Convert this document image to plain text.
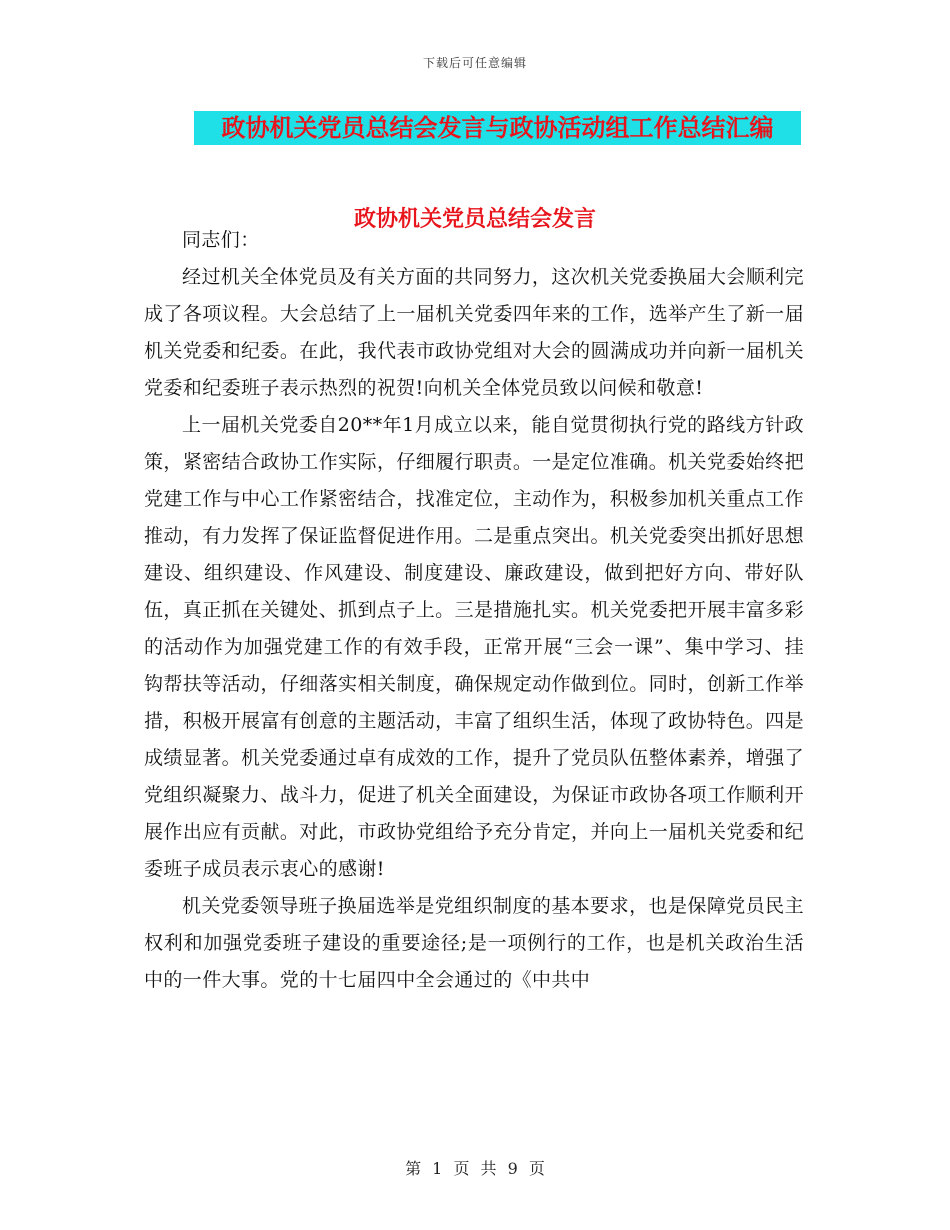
下载后可任意编辑
政协机关党员总结会发言与政协活动组工作总结汇编
政协机关党员总结会发言

同志们：

经过机关全体党员及有关方面的共同努力，这次机关党委换届大会顺利完成了各项议程。大会总结了上一届机关党委四年来的工作，选举产生了新一届机关党委和纪委。在此，我代表市政协党组对大会的圆满成功并向新一届机关党委和纪委班子表示热烈的祝贺!向机关全体党员致以问候和敬意!

上一届机关党委自20**年1月成立以来，能自觉贯彻执行党的路线方针政策，紧密结合政协工作实际，仔细履行职责。一是定位准确。机关党委始终把党建工作与中心工作紧密结合，找准定位，主动作为，积极参加机关重点工作推动，有力发挥了保证监督促进作用。二是重点突出。机关党委突出抓好思想建设、组织建设、作风建设、制度建设、廉政建设，做到把好方向、带好队伍，真正抓在关键处、抓到点子上。三是措施扎实。机关党委把开展丰富多彩的活动作为加强党建工作的有效手段，正常开展“三会一课”、集中学习、挂钩帮扶等活动，仔细落实相关制度，确保规定动作做到位。同时，创新工作举措，积极开展富有创意的主题活动，丰富了组织生活，体现了政协特色。四是成绩显著。机关党委通过卓有成效的工作，提升了党员队伍整体素养，增强了党组织凝聚力、战斗力，促进了机关全面建设，为保证市政协各项工作顺利开展作出应有贡献。对此，市政协党组给予充分肯定，并向上一届机关党委和纪委班子成员表示衷心的感谢!

机关党委领导班子换届选举是党组织制度的基本要求，也是保障党员民主权利和加强党委班子建设的重要途径;是一项例行的工作，也是机关政治生活中的一件大事。党的十七届四中全会通过的《中共中

第 1 页 共 9 页
